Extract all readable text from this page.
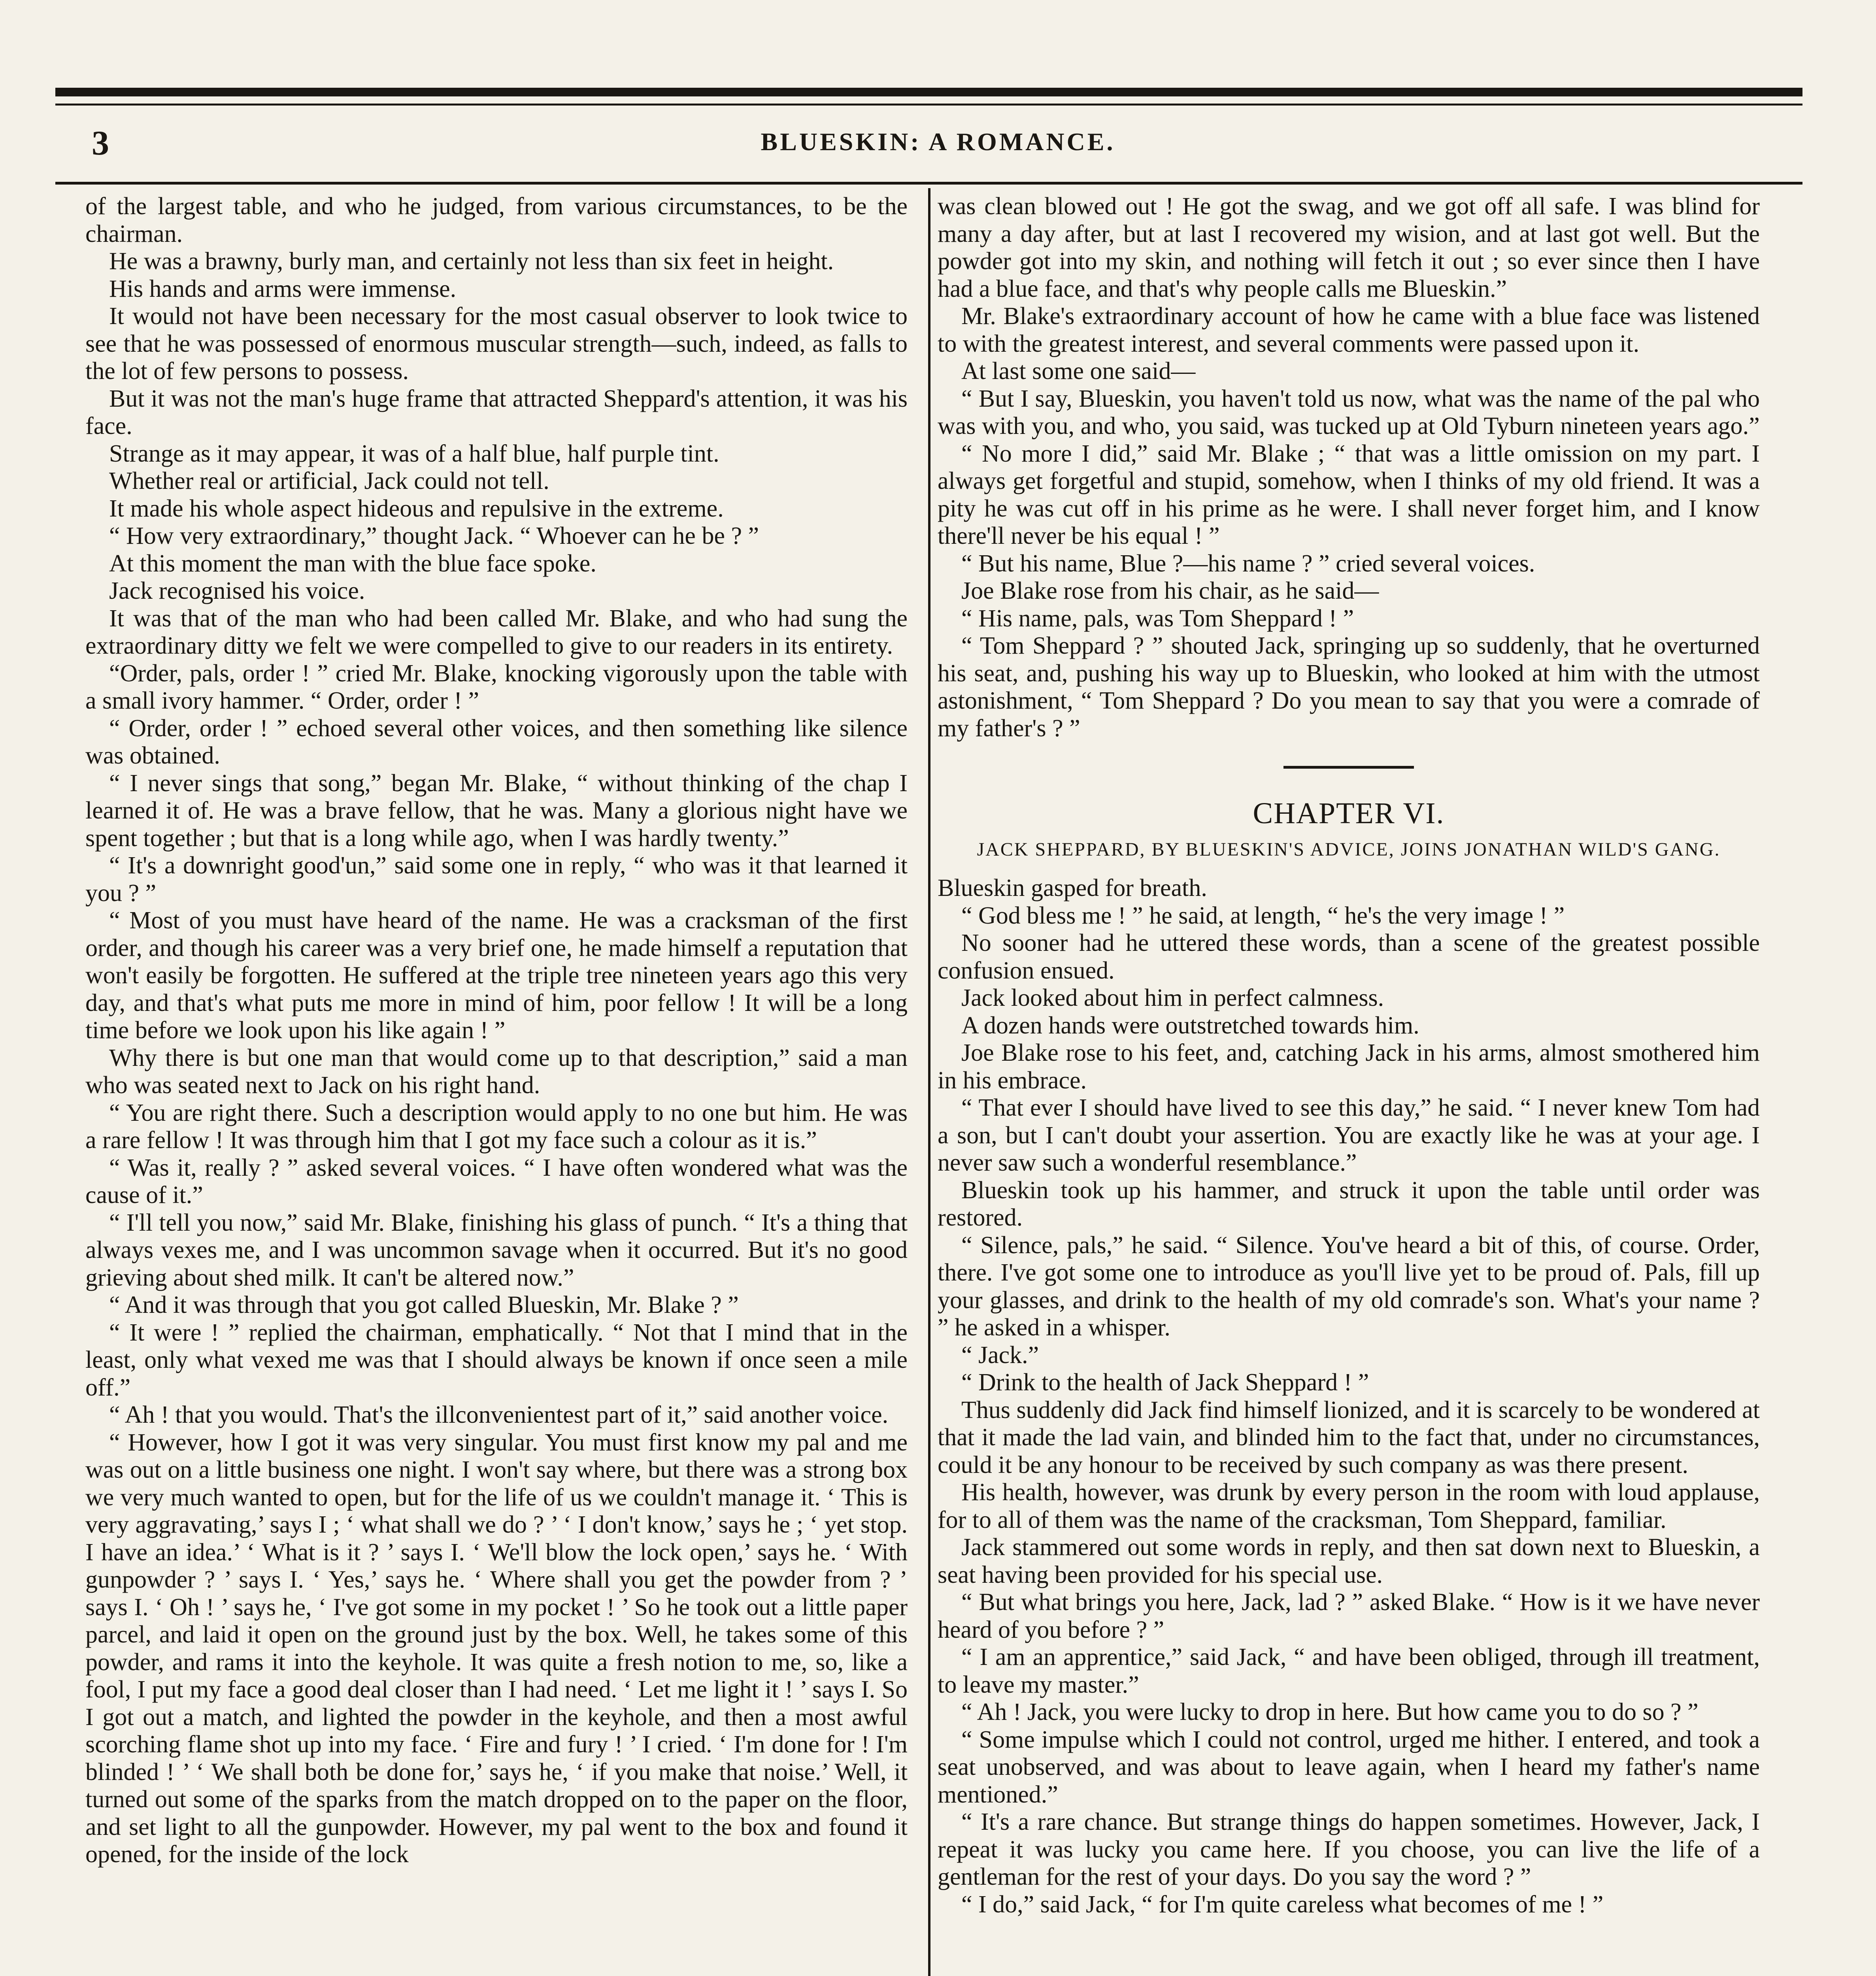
3	BLUESKIN: A ROMANCE.

of the largest table, and who he judged, from various circumstances, to be the chairman.

He was a brawny, burly man, and certainly not less than six feet in height.

His hands and arms were immense.

It would not have been necessary for the most casual observer to look twice to see that he was possessed of enormous muscular strength—such, indeed, as falls to the lot of few persons to possess.

But it was not the man's huge frame that attracted Sheppard's attention, it was his face.

Strange as it may appear, it was of a half blue, half purple tint.

Whether real or artificial, Jack could not tell.

It made his whole aspect hideous and repulsive in the extreme.

“ How very extraordinary,” thought Jack. “ Whoever can he be ? ”

At this moment the man with the blue face spoke.

Jack recognised his voice.

It was that of the man who had been called Mr. Blake, and who had sung the extraordinary ditty we felt we were compelled to give to our readers in its entirety.

“Order, pals, order ! ” cried Mr. Blake, knocking vigorously upon the table with a small ivory hammer. “ Order, order ! ”

“ Order, order ! ” echoed several other voices, and then something like silence was obtained.

“ I never sings that song,” began Mr. Blake, “ without thinking of the chap I learned it of. He was a brave fellow, that he was. Many a glorious night have we spent together ; but that is a long while ago, when I was hardly twenty.”

“ It's a downright good'un,” said some one in reply, “ who was it that learned it you ? ”

“ Most of you must have heard of the name. He was a cracksman of the first order, and though his career was a very brief one, he made himself a reputation that won't easily be forgotten. He suffered at the triple tree nineteen years ago this very day, and that's what puts me more in mind of him, poor fellow ! It will be a long time before we look upon his like again ! ”

Why there is but one man that would come up to that description,” said a man who was seated next to Jack on his right hand.

“ You are right there. Such a description would apply to no one but him. He was a rare fellow ! It was through him that I got my face such a colour as it is.”

“ Was it, really ? ” asked several voices. “ I have often wondered what was the cause of it.”

“ I'll tell you now,” said Mr. Blake, finishing his glass of punch. “ It's a thing that always vexes me, and I was uncommon savage when it occurred. But it's no good grieving about shed milk. It can't be altered now.”

“ And it was through that you got called Blueskin, Mr. Blake ? ”

“ It were ! ” replied the chairman, emphatically. “ Not that I mind that in the least, only what vexed me was that I should always be known if once seen a mile off.”

“ Ah ! that you would. That's the illconvenientest part of it,” said another voice.

“ However, how I got it was very singular. You must first know my pal and me was out on a little business one night. I won't say where, but there was a strong box we very much wanted to open, but for the life of us we couldn't manage it. ‘ This is very aggravating,’ says I ; ‘ what shall we do ? ’ ‘ I don't know,’ says he ; ‘ yet stop. I have an idea.’ ‘ What is it ? ’ says I. ‘ We'll blow the lock open,’ says he. ‘ With gunpowder ? ’ says I. ‘ Yes,’ says he. ‘ Where shall you get the powder from ? ’ says I. ‘ Oh ! ’ says he, ‘ I've got some in my pocket ! ’ So he took out a little paper parcel, and laid it open on the ground just by the box. Well, he takes some of this powder, and rams it into the keyhole. It was quite a fresh notion to me, so, like a fool, I put my face a good deal closer than I had need. ‘ Let me light it ! ’ says I. So I got out a match, and lighted the powder in the keyhole, and then a most awful scorching flame shot up into my face. ‘ Fire and fury ! ’ I cried. ‘ I'm done for ! I'm blinded ! ’ ‘ We shall both be done for,’ says he, ‘ if you make that noise.’ Well, it turned out some of the sparks from the match dropped on to the paper on the floor, and set light to all the gunpowder. However, my pal went to the box and found it opened, for the inside of the lock

was clean blowed out ! He got the swag, and we got off all safe. I was blind for many a day after, but at last I recovered my wision, and at last got well. But the powder got into my skin, and nothing will fetch it out ; so ever since then I have had a blue face, and that's why people calls me Blueskin.”

Mr. Blake's extraordinary account of how he came with a blue face was listened to with the greatest interest, and several comments were passed upon it.

At last some one said—

“ But I say, Blueskin, you haven't told us now, what was the name of the pal who was with you, and who, you said, was tucked up at Old Tyburn nineteen years ago.”

“ No more I did,” said Mr. Blake ; “ that was a little omission on my part. I always get forgetful and stupid, somehow, when I thinks of my old friend. It was a pity he was cut off in his prime as he were. I shall never forget him, and I know there'll never be his equal ! ”

“ But his name, Blue ?—his name ? ” cried several voices.

Joe Blake rose from his chair, as he said—

“ His name, pals, was Tom Sheppard ! ”

“ Tom Sheppard ? ” shouted Jack, springing up so suddenly, that he overturned his seat, and, pushing his way up to Blueskin, who looked at him with the utmost astonishment, “ Tom Sheppard ? Do you mean to say that you were a comrade of my father's ? ”

CHAPTER VI.
JACK SHEPPARD, BY BLUESKIN'S ADVICE, JOINS JONATHAN WILD'S GANG.

Blueskin gasped for breath.

“ God bless me ! ” he said, at length, “ he's the very image ! ”

No sooner had he uttered these words, than a scene of the greatest possible confusion ensued.

Jack looked about him in perfect calmness.

A dozen hands were outstretched towards him.

Joe Blake rose to his feet, and, catching Jack in his arms, almost smothered him in his embrace.

“ That ever I should have lived to see this day,” he said. “ I never knew Tom had a son, but I can't doubt your assertion. You are exactly like he was at your age. I never saw such a wonderful resemblance.”

Blueskin took up his hammer, and struck it upon the table until order was restored.

“ Silence, pals,” he said. “ Silence. You've heard a bit of this, of course. Order, there. I've got some one to introduce as you'll live yet to be proud of. Pals, fill up your glasses, and drink to the health of my old comrade's son. What's your name ? ” he asked in a whisper.

“ Jack.”

“ Drink to the health of Jack Sheppard ! ”

Thus suddenly did Jack find himself lionized, and it is scarcely to be wondered at that it made the lad vain, and blinded him to the fact that, under no circumstances, could it be any honour to be received by such company as was there present.

His health, however, was drunk by every person in the room with loud applause, for to all of them was the name of the cracksman, Tom Sheppard, familiar.

Jack stammered out some words in reply, and then sat down next to Blueskin, a seat having been provided for his special use.

“ But what brings you here, Jack, lad ? ” asked Blake. “ How is it we have never heard of you before ? ”

“ I am an apprentice,” said Jack, “ and have been obliged, through ill treatment, to leave my master.”

“ Ah ! Jack, you were lucky to drop in here. But how came you to do so ? ”

“ Some impulse which I could not control, urged me hither. I entered, and took a seat unobserved, and was about to leave again, when I heard my father's name mentioned.”

“ It's a rare chance. But strange things do happen sometimes. However, Jack, I repeat it was lucky you came here. If you choose, you can live the life of a gentleman for the rest of your days. Do you say the word ? ”

“ I do,” said Jack, “ for I'm quite careless what becomes of me ! ”
